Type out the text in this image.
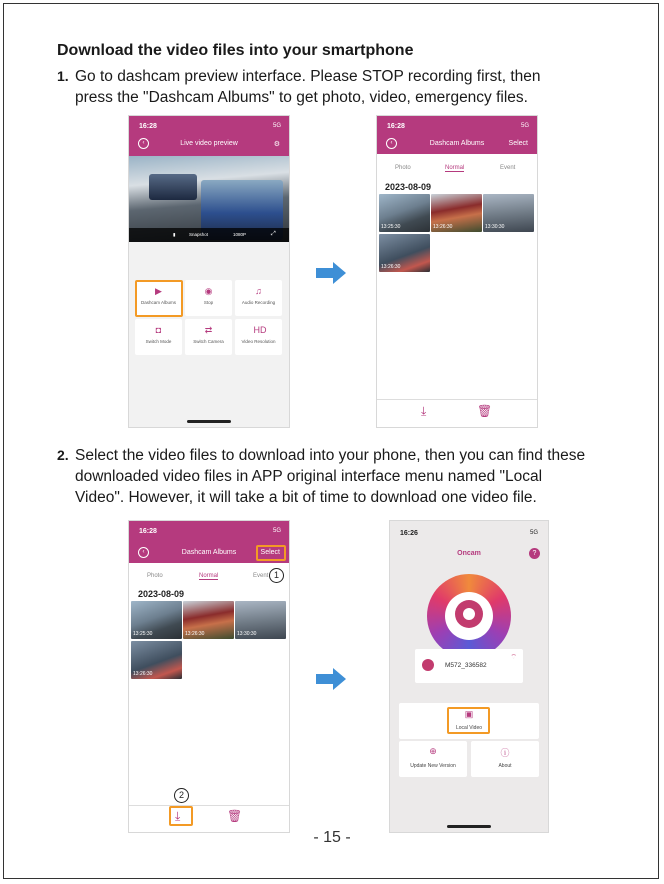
Download the video files into your smartphone
1. Go to dashcam preview interface. Please STOP recording first, then
press the "Dashcam Albums" to get photo, video, emergency files.
16:28	5G
‹	Live video preview	⚙
▮	Snapshot	1080P	⤢
▶
Dashcam Albums
◉
Stop
♫
Audio Recording
◘
Switch Mode
⇄
Switch Camera
HD
Video Resolution
16:28	5G
‹	Dashcam Albums	Select
Photo	Normal	Event
2023-08-09
13:25:30	13:26:30	13:30:30
13:26:30
⤓	🗑
2. Select the video files to download into your phone, then you can find these
downloaded video files in APP original interface menu named "Local
Video". However, it will take a bit of time to download one video file.
16:28	5G
‹	Dashcam Albums	Select
1
Photo	Normal	Event
2023-08-09
13:25:30	13:26:30	13:30:30
13:26:30
2
⤓	🗑
16:26	5G
Oncam	?
M572_336582
⌔
▣
Local Video
⊕
Update New Version
ⓘ
About
- 15 -
